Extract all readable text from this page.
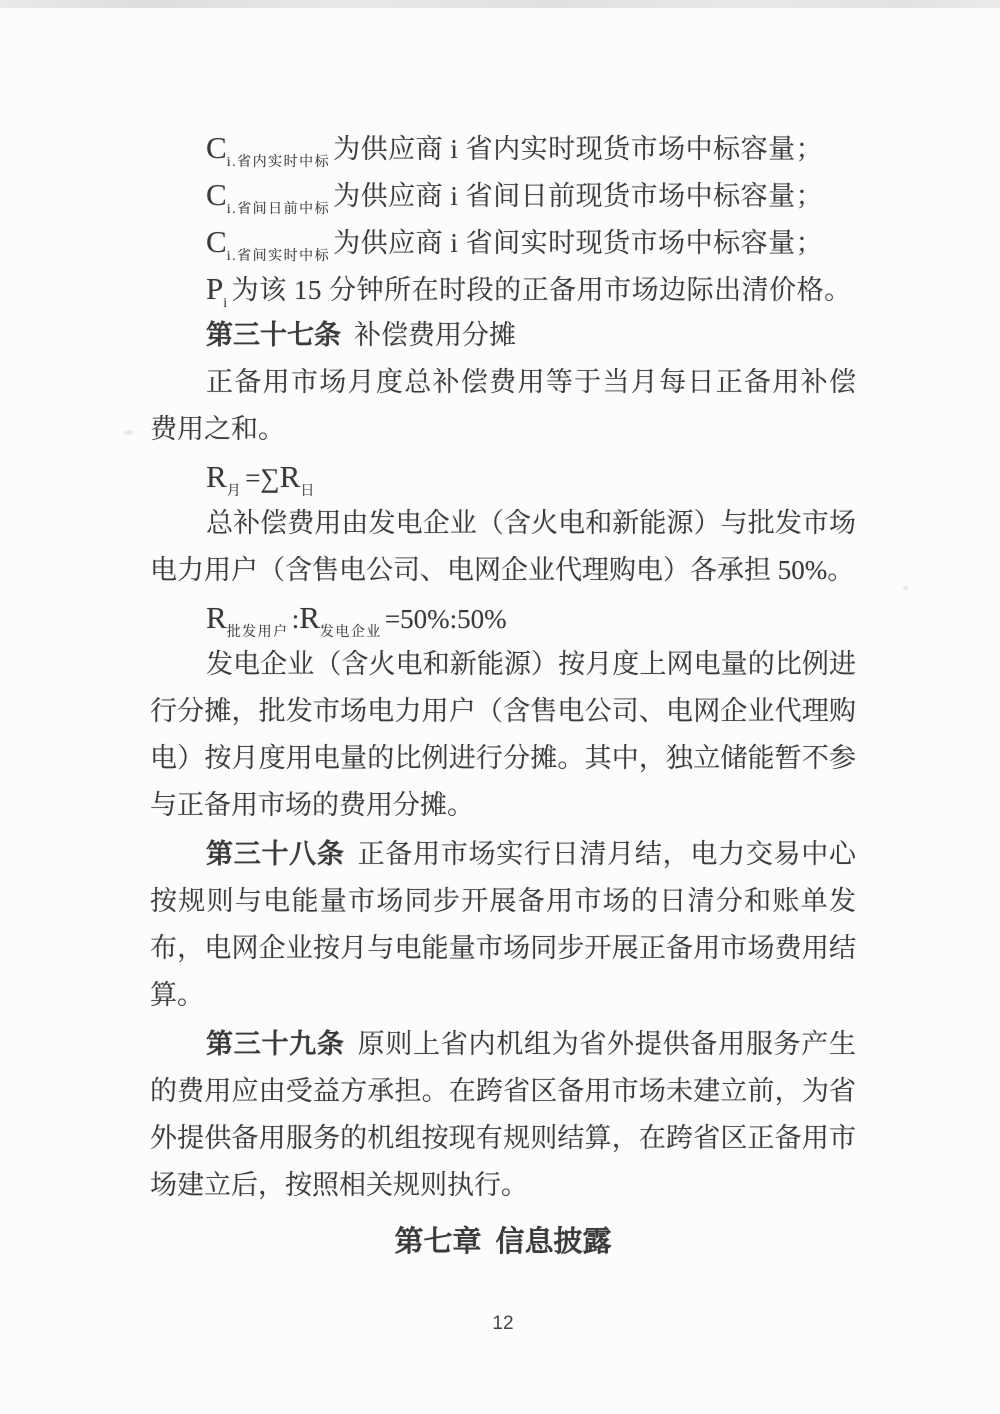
$C_{i.省内实时中标}$ 为供应商 i 省内实时现货市场中标容量；
$C_{i.省间日前中标}$ 为供应商 i 省间日前现货市场中标容量；
$C_{i.省间实时中标}$ 为供应商 i 省间实时现货市场中标容量；
$P_i$ 为该 15 分钟所在时段的正备用市场边际出清价格。
第三十七条 补偿费用分摊
正备用市场月度总补偿费用等于当月每日正备用补偿
费用之和。
$R_月 =\sum R_日$
总补偿费用由发电企业（含火电和新能源）与批发市场
电力用户（含售电公司、电网企业代理购电）各承担 50%。
$R_{批发用户}$ $:R_{发电企业}$ =50%:50%
发电企业（含火电和新能源）按月度上网电量的比例进
行分摊，批发市场电力用户（含售电公司、电网企业代理购
电）按月度用电量的比例进行分摊。其中，独立储能暂不参
与正备用市场的费用分摊。
第三十八条 正备用市场实行日清月结，电力交易中心
按规则与电能量市场同步开展备用市场的日清分和账单发
布，电网企业按月与电能量市场同步开展正备用市场费用结
算。
第三十九条 原则上省内机组为省外提供备用服务产生
的费用应由受益方承担。在跨省区备用市场未建立前，为省
外提供备用服务的机组按现有规则结算，在跨省区正备用市
场建立后，按照相关规则执行。
第七章 信息披露
12
